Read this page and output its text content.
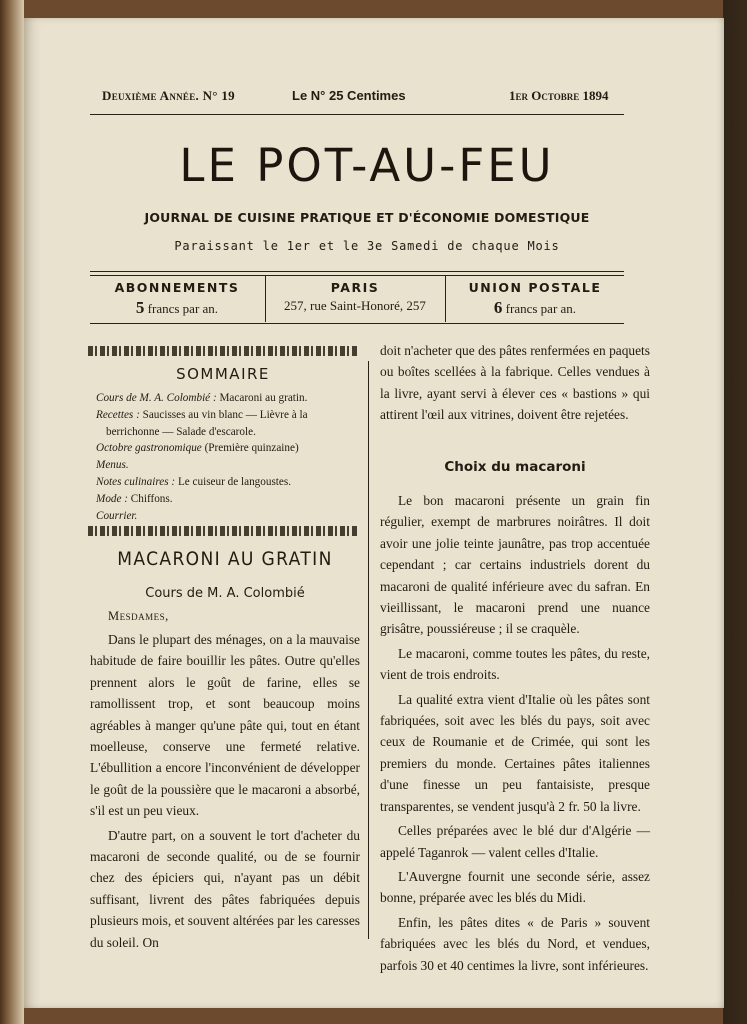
Deuxième Année. N° 19	Le N° 25 Centimes	1er Octobre 1894
LE POT-AU-FEU
JOURNAL DE CUISINE PRATIQUE ET D'ÉCONOMIE DOMESTIQUE
Paraissant le 1er et le 3e Samedi de chaque Mois
ABONNEMENTS
5 francs par an.
PARIS
257, rue Saint-Honoré, 257
UNION POSTALE
6 francs par an.
SOMMAIRE
Cours de M. A. Colombié : Macaroni au gratin.
Recettes : Saucisses au vin blanc — Lièvre à la berrichonne — Salade d'escarole.
Octobre gastronomique (Première quinzaine)
Menus.
Notes culinaires : Le cuiseur de langoustes.
Mode : Chiffons.
Courrier.
MACARONI AU GRATIN
Cours de M. A. Colombié
Mesdames,

Dans le plupart des ménages, on a la mauvaise habitude de faire bouillir les pâtes. Outre qu'elles prennent alors le goût de farine, elles se ramollissent trop, et sont beaucoup moins agréables à manger qu'une pâte qui, tout en étant moelleuse, conserve une fermeté relative. L'ébullition a encore l'inconvénient de développer le goût de la poussière que le macaroni a absorbé, s'il est un peu vieux.

D'autre part, on a souvent le tort d'acheter du macaroni de seconde qualité, ou de se fournir chez des épiciers qui, n'ayant pas un débit suffisant, livrent des pâtes fabriquées depuis plusieurs mois, et souvent altérées par les caresses du soleil. On

doit n'acheter que des pâtes renfermées en paquets ou boîtes scellées à la fabrique. Celles vendues à la livre, ayant servi à élever ces « bastions » qui attirent l'œil aux vitrines, doivent être rejetées.

Choix du macaroni

Le bon macaroni présente un grain fin régulier, exempt de marbrures noirâtres. Il doit avoir une jolie teinte jaunâtre, pas trop accentuée cependant ; car certains industriels dorent du macaroni de qualité inférieure avec du safran. En vieillissant, le macaroni prend une nuance grisâtre, poussiéreuse ; il se craquèle.

Le macaroni, comme toutes les pâtes, du reste, vient de trois endroits.

La qualité extra vient d'Italie où les pâtes sont fabriquées, soit avec les blés du pays, soit avec ceux de Roumanie et de Crimée, qui sont les premiers du monde. Certaines pâtes italiennes d'une finesse un peu fantaisiste, presque transparentes, se vendent jusqu'à 2 fr. 50 la livre.

Celles préparées avec le blé dur d'Algérie — appelé Taganrok — valent celles d'Italie.

L'Auvergne fournit une seconde série, assez bonne, préparée avec les blés du Midi.

Enfin, les pâtes dites « de Paris » souvent fabriquées avec les blés du Nord, et vendues, parfois 30 et 40 centimes la livre, sont inférieures.
